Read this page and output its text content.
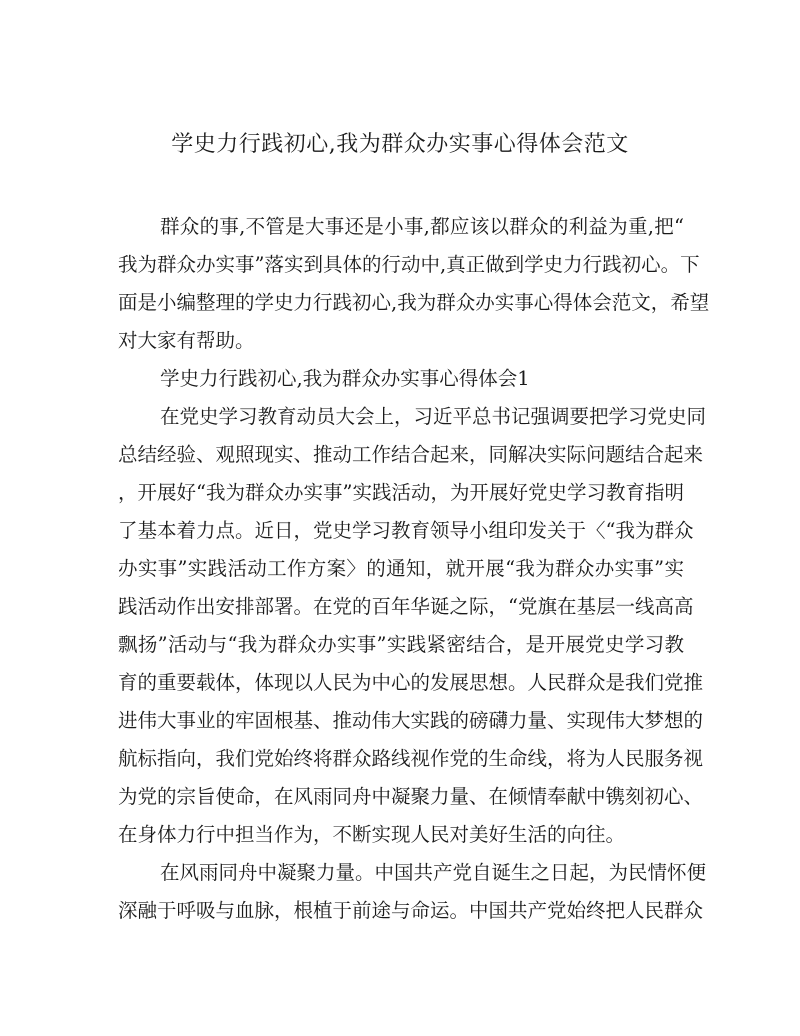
学史力行践初心,我为群众办实事心得体会范文

群众的事,不管是大事还是小事,都应该以群众的利益为重,把“

我为群众办实事”落实到具体的行动中,真正做到学史力行践初心。下

面是小编整理的学史力行践初心,我为群众办实事心得体会范文，希望

对大家有帮助。

学史力行践初心,我为群众办实事心得体会1

在党史学习教育动员大会上，习近平总书记强调要把学习党史同

总结经验、观照现实、推动工作结合起来，同解决实际问题结合起来

，开展好“我为群众办实事”实践活动，为开展好党史学习教育指明

了基本着力点。近日，党史学习教育领导小组印发关于〈“我为群众

办实事”实践活动工作方案〉的通知，就开展“我为群众办实事”实

践活动作出安排部署。在党的百年华诞之际，“党旗在基层一线高高

飘扬”活动与“我为群众办实事”实践紧密结合，是开展党史学习教

育的重要载体，体现以人民为中心的发展思想。人民群众是我们党推

进伟大事业的牢固根基、推动伟大实践的磅礴力量、实现伟大梦想的

航标指向，我们党始终将群众路线视作党的生命线，将为人民服务视

为党的宗旨使命，在风雨同舟中凝聚力量、在倾情奉献中镌刻初心、

在身体力行中担当作为，不断实现人民对美好生活的向往。

在风雨同舟中凝聚力量。中国共产党自诞生之日起，为民情怀便

深融于呼吸与血脉，根植于前途与命运。中国共产党始终把人民群众
